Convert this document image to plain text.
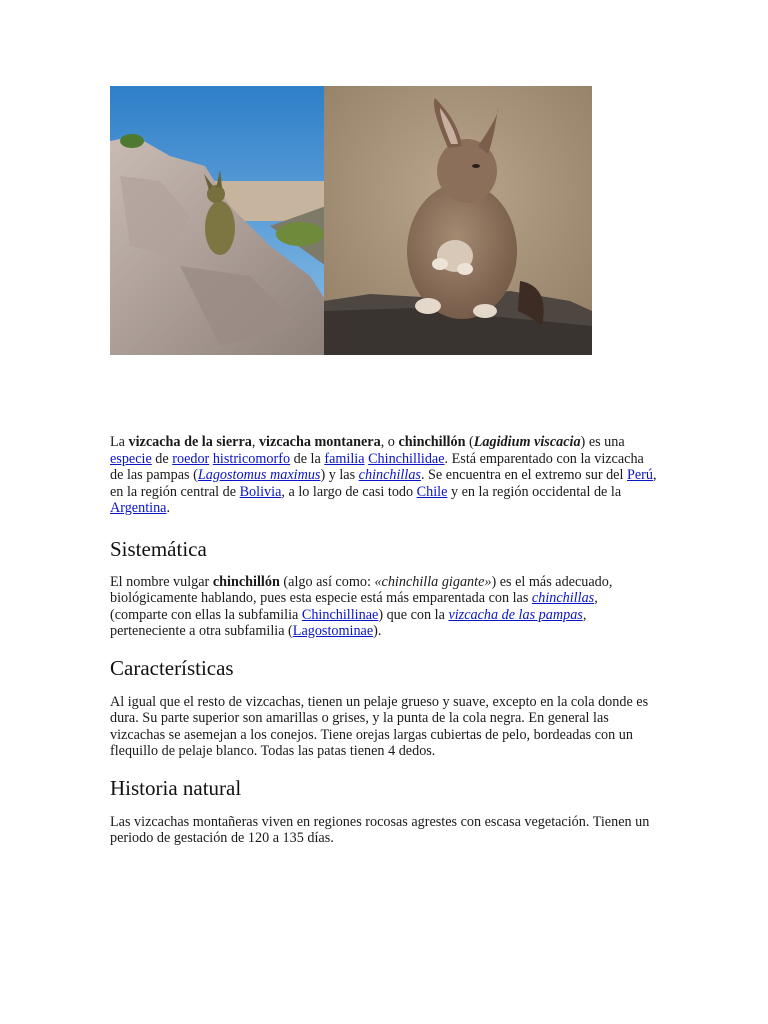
La vizcacha de la sierra, vizcacha montanera, o chinchillón (Lagidium viscacia) es una especie de roedor histricomorfo de la familia Chinchillidae. Está emparentado con la vizcacha de las pampas (Lagostomus maximus) y las chinchillas. Se encuentra en el extremo sur del Perú, en la región central de Bolivia, a lo largo de casi todo Chile y en la región occidental de la Argentina.

Sistemática

El nombre vulgar chinchillón (algo así como: «chinchilla gigante») es el más adecuado, biológicamente hablando, pues esta especie está más emparentada con las chinchillas, (comparte con ellas la subfamilia Chinchillinae) que con la vizcacha de las pampas, perteneciente a otra subfamilia (Lagostominae).

Características

Al igual que el resto de vizcachas, tienen un pelaje grueso y suave, excepto en la cola donde es dura. Su parte superior son amarillas o grises, y la punta de la cola negra. En general las vizcachas se asemejan a los conejos. Tiene orejas largas cubiertas de pelo, bordeadas con un flequillo de pelaje blanco. Todas las patas tienen 4 dedos.

Historia natural

Las vizcachas montañeras viven en regiones rocosas agrestes con escasa vegetación. Tienen un periodo de gestación de 120 a 135 días.
